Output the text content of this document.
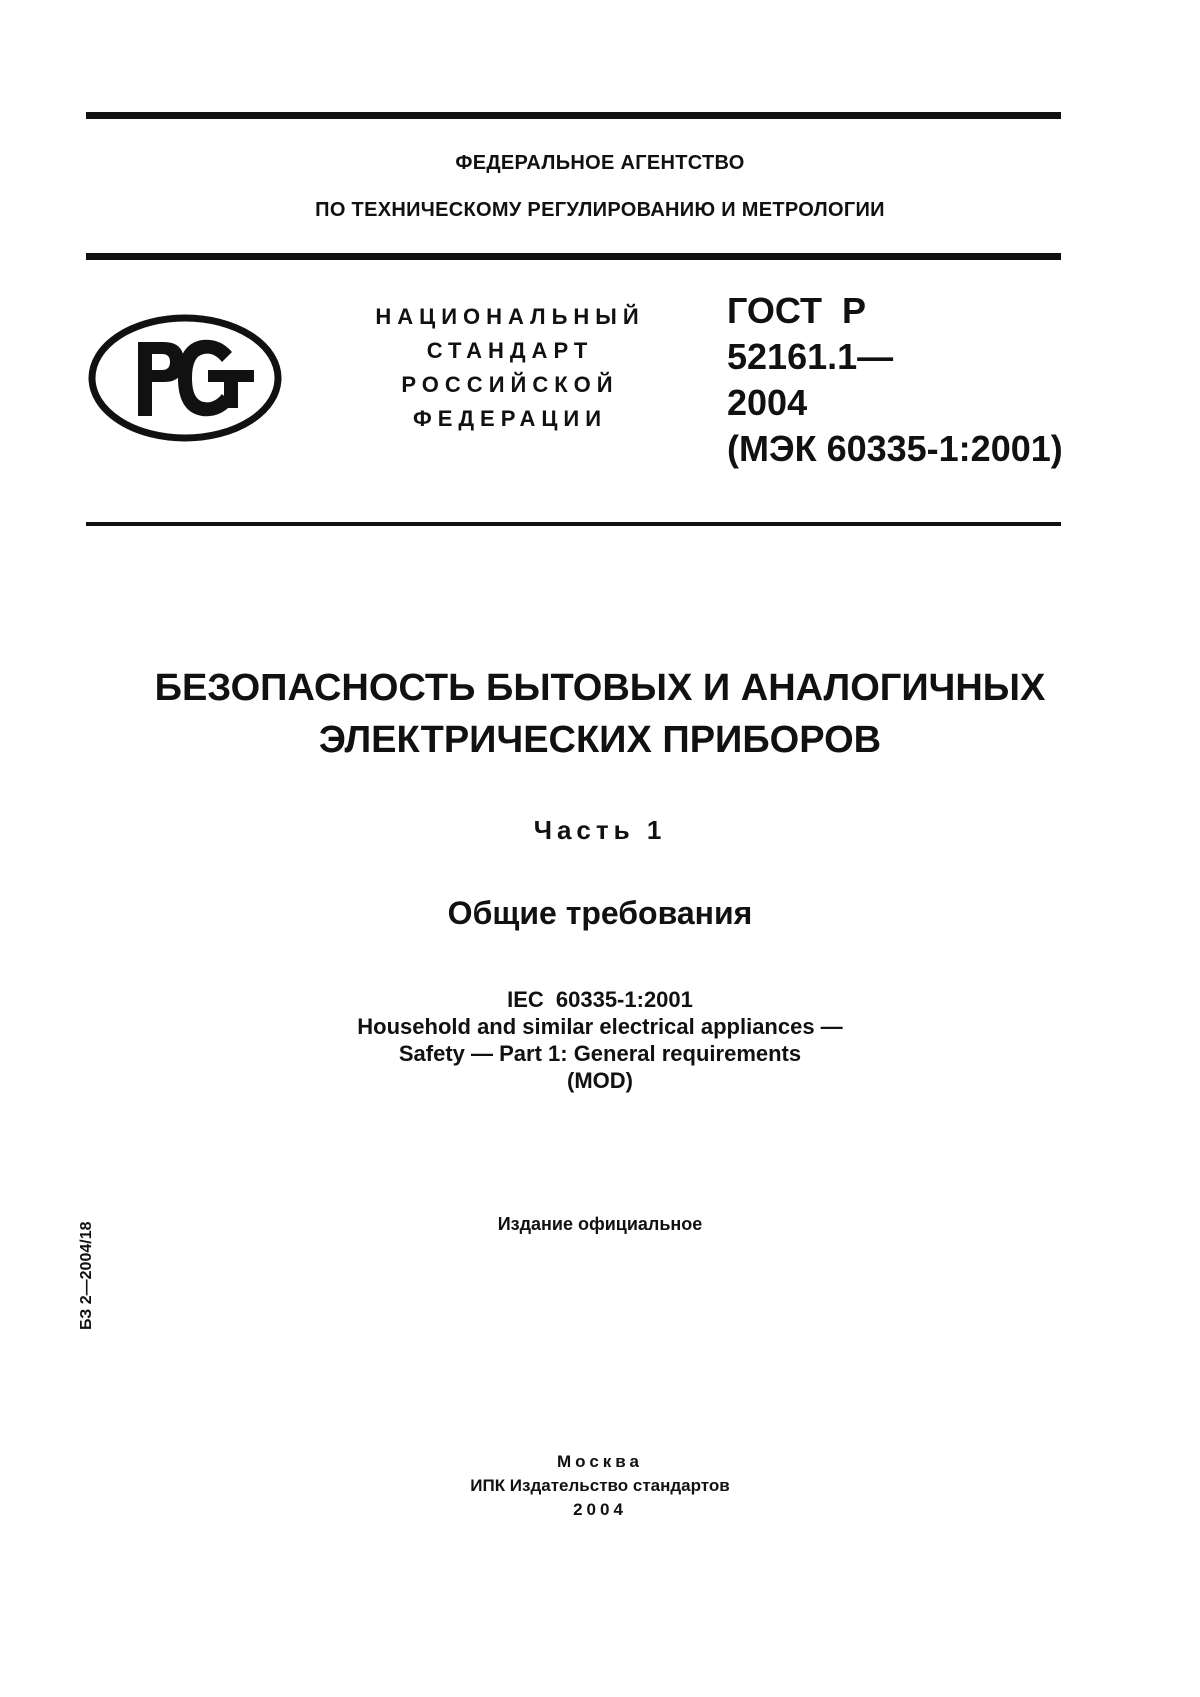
ФЕДЕРАЛЬНОЕ АГЕНТСТВО
ПО ТЕХНИЧЕСКОМУ РЕГУЛИРОВАНИЮ И МЕТРОЛОГИИ
НАЦИОНАЛЬНЫЙ
СТАНДАРТ
РОССИЙСКОЙ
ФЕДЕРАЦИИ
ГОСТ Р
52161.1—
2004
(МЭК 60335-1:2001)
БЕЗОПАСНОСТЬ БЫТОВЫХ И АНАЛОГИЧНЫХ
ЭЛЕКТРИЧЕСКИХ ПРИБОРОВ
Часть 1
Общие требования
IEC 60335-1:2001
Household and similar electrical appliances —
Safety — Part 1: General requirements
(MOD)
Издание официальное
БЗ 2—2004/18
Москва
ИПК Издательство стандартов
2004
